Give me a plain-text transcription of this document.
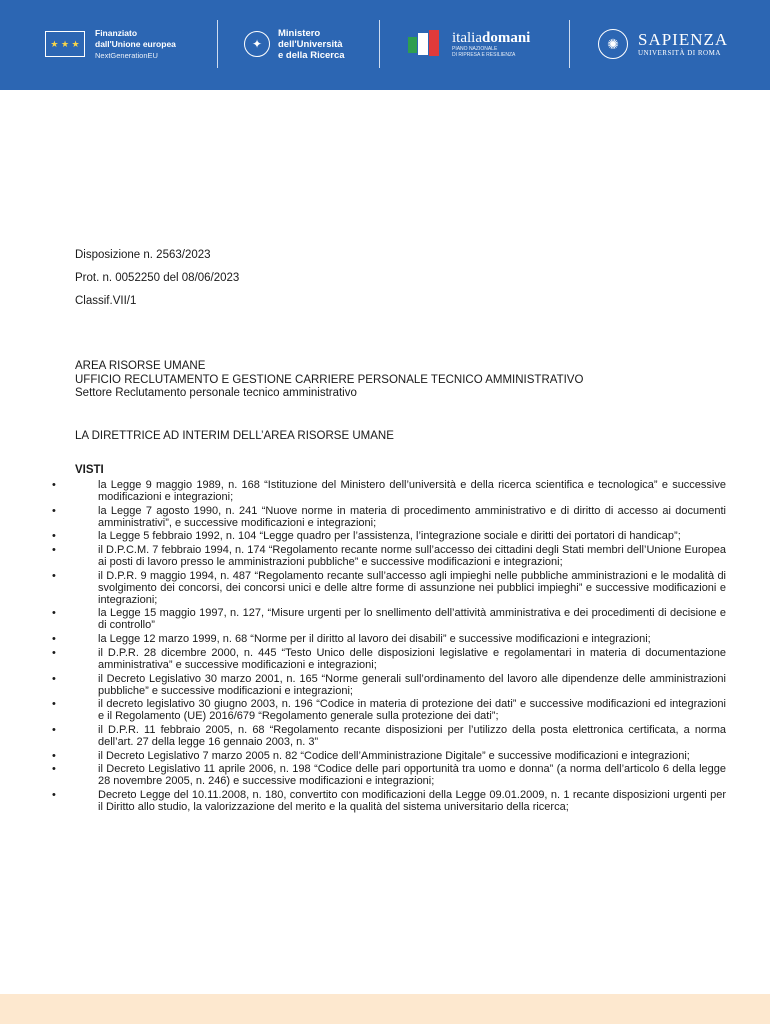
★ ★ ★
Finanziato
dall'Unione europea
NextGenerationEU
✦
Ministero
dell'Università
e della Ricerca
italiadomani
PIANO NAZIONALE
DI RIPRESA E RESILIENZA
✺	SAPIENZA
UNIVERSITÀ DI ROMA
Disposizione n. 2563/2023
Prot. n. 0052250 del 08/06/2023
Classif.VII/1
AREA RISORSE UMANE
UFFICIO RECLUTAMENTO E GESTIONE CARRIERE PERSONALE TECNICO AMMINISTRATIVO
Settore Reclutamento personale tecnico amministrativo
LA DIRETTRICE AD INTERIM DELL’AREA RISORSE UMANE
VISTI
• la Legge 9 maggio 1989, n. 168 “Istituzione del Ministero dell’università e della ricerca scientifica e tecnologica” e successive modificazioni e integrazioni;
• la Legge 7 agosto 1990, n. 241 “Nuove norme in materia di procedimento amministrativo e di diritto di accesso ai documenti amministrativi”, e successive modificazioni e integrazioni;
• la Legge 5 febbraio 1992, n. 104 “Legge quadro per l’assistenza, l’integrazione sociale e diritti dei portatori di handicap”;
• il D.P.C.M. 7 febbraio 1994, n. 174 “Regolamento recante norme sull’accesso dei cittadini degli Stati membri dell’Unione Europea ai posti di lavoro presso le amministrazioni pubbliche” e successive modificazioni e integrazioni;
• il D.P.R. 9 maggio 1994, n. 487 “Regolamento recante sull’accesso agli impieghi nelle pubbliche amministrazioni e le modalità di svolgimento dei concorsi, dei concorsi unici e delle altre forme di assunzione nei pubblici impieghi” e successive modificazioni e integrazioni;
• la Legge 15 maggio 1997, n. 127, “Misure urgenti per lo snellimento dell’attività amministrativa e dei procedimenti di decisione e di controllo”
• la Legge 12 marzo 1999, n. 68 “Norme per il diritto al lavoro dei disabili” e successive modificazioni e integrazioni;
• il D.P.R. 28 dicembre 2000, n. 445 “Testo Unico delle disposizioni legislative e regolamentari in materia di documentazione amministrativa” e successive modificazioni e integrazioni;
• il Decreto Legislativo 30 marzo 2001, n. 165 “Norme generali sull’ordinamento del lavoro alle dipendenze delle amministrazioni pubbliche” e successive modificazioni e integrazioni;
• il decreto legislativo 30 giugno 2003, n. 196 “Codice in materia di protezione dei dati” e successive modificazioni ed integrazioni e il Regolamento (UE) 2016/679 “Regolamento generale sulla protezione dei dati”;
• il D.P.R. 11 febbraio 2005, n. 68 “Regolamento recante disposizioni per l’utilizzo della posta elettronica certificata, a norma dell’art. 27 della legge 16 gennaio 2003, n. 3”
• il Decreto Legislativo 7 marzo 2005 n. 82 “Codice dell’Amministrazione Digitale” e successive modificazioni e integrazioni;
• il Decreto Legislativo 11 aprile 2006, n. 198 “Codice delle pari opportunità tra uomo e donna” (a norma dell’articolo 6 della legge 28 novembre 2005, n. 246) e successive modificazioni e integrazioni;
• Decreto Legge del 10.11.2008, n. 180, convertito con modificazioni della Legge 09.01.2009, n. 1 recante disposizioni urgenti per il Diritto allo studio, la valorizzazione del merito e la qualità del sistema universitario della ricerca;
